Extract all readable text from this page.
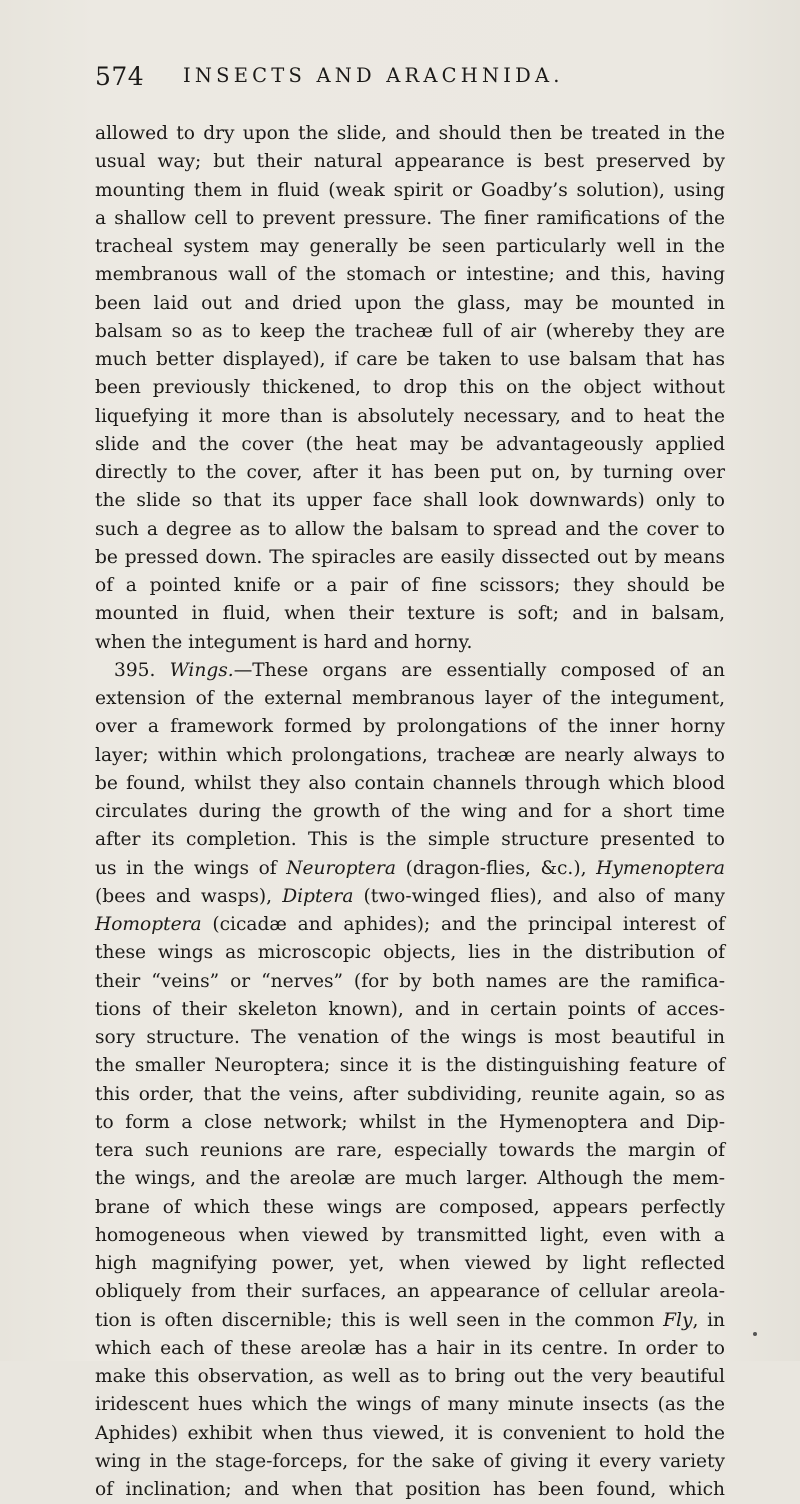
574 INSECTS AND ARACHNIDA.
allowed to dry upon the slide, and should then be treated in the
usual way; but their natural appearance is best preserved by
mounting them in fluid (weak spirit or Goadby’s solution), using
a shallow cell to prevent pressure. The finer ramifications of the
tracheal system may generally be seen particularly well in the
membranous wall of the stomach or intestine; and this, having
been laid out and dried upon the glass, may be mounted in
balsam so as to keep the tracheæ full of air (whereby they are
much better displayed), if care be taken to use balsam that has
been previously thickened, to drop this on the object without
liquefying it more than is absolutely necessary, and to heat the
slide and the cover (the heat may be advantageously applied
directly to the cover, after it has been put on, by turning over
the slide so that its upper face shall look downwards) only to
such a degree as to allow the balsam to spread and the cover to
be pressed down. The spiracles are easily dissected out by means
of a pointed knife or a pair of fine scissors; they should be
mounted in fluid, when their texture is soft; and in balsam,
when the integument is hard and horny.
395. Wings.—These organs are essentially composed of an
extension of the external membranous layer of the integument,
over a framework formed by prolongations of the inner horny
layer; within which prolongations, tracheæ are nearly always to
be found, whilst they also contain channels through which blood
circulates during the growth of the wing and for a short time
after its completion. This is the simple structure presented to
us in the wings of Neuroptera (dragon-flies, &c.), Hymenoptera
(bees and wasps), Diptera (two-winged flies), and also of many
Homoptera (cicadæ and aphides); and the principal interest of
these wings as microscopic objects, lies in the distribution of
their “veins” or “nerves” (for by both names are the ramifica-
tions of their skeleton known), and in certain points of acces-
sory structure. The venation of the wings is most beautiful in
the smaller Neuroptera; since it is the distinguishing feature of
this order, that the veins, after subdividing, reunite again, so as
to form a close network; whilst in the Hymenoptera and Dip-
tera such reunions are rare, especially towards the margin of
the wings, and the areolæ are much larger. Although the mem-
brane of which these wings are composed, appears perfectly
homogeneous when viewed by transmitted light, even with a
high magnifying power, yet, when viewed by light reflected
obliquely from their surfaces, an appearance of cellular areola-
tion is often discernible; this is well seen in the common Fly, in
which each of these areolæ has a hair in its centre. In order to
make this observation, as well as to bring out the very beautiful
iridescent hues which the wings of many minute insects (as the
Aphides) exhibit when thus viewed, it is convenient to hold the
wing in the stage-forceps, for the sake of giving it every variety
of inclination; and when that position has been found, which
